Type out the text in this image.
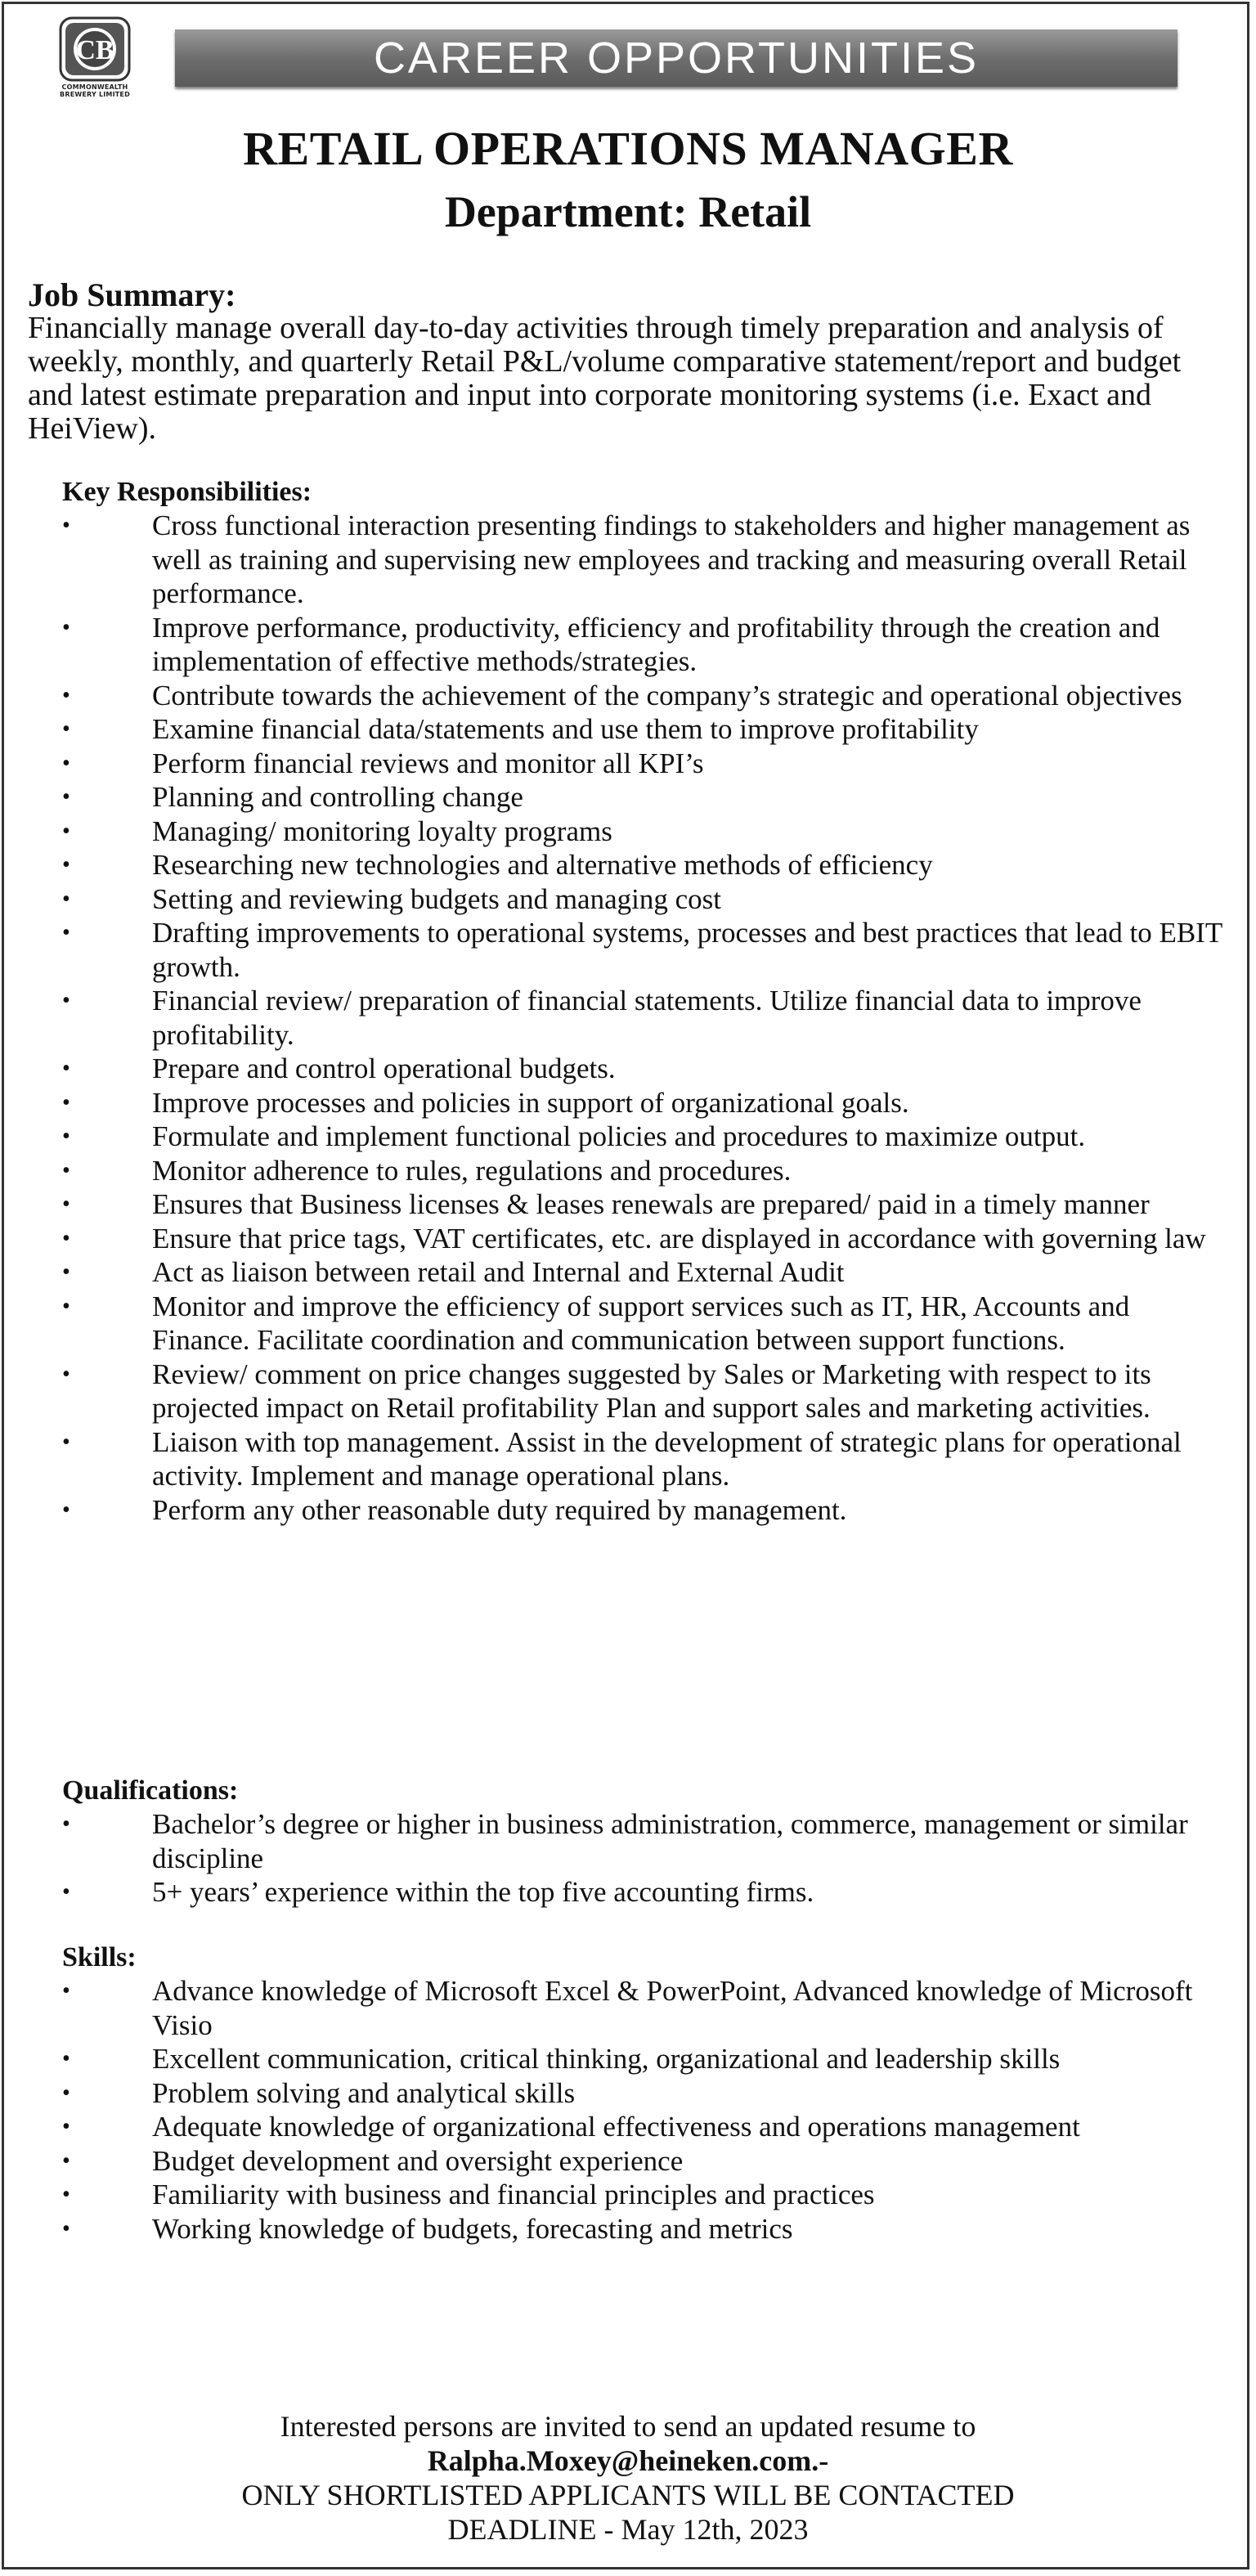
CB
COMMONWEALTH BREWERY LIMITED
CAREER OPPORTUNITIES
RETAIL OPERATIONS MANAGER
Department: Retail
Job Summary:
Financially manage overall day-to-day activities through timely preparation and analysis of weekly, monthly, and quarterly Retail P&L/volume comparative statement/report and budget and latest estimate preparation and input into corporate monitoring systems (i.e. Exact and HeiView).
Key Responsibilities:
•	Cross functional interaction presenting findings to stakeholders and higher management as well as training and supervising new employees and tracking and measuring overall Retail performance.
•	Improve performance, productivity, efficiency and profitability through the creation and implementation of effective methods/strategies.
•	Contribute towards the achievement of the company’s strategic and operational objectives
•	Examine financial data/statements and use them to improve profitability
•	Perform financial reviews and monitor all KPI’s
•	Planning and controlling change
•	Managing/ monitoring loyalty programs
•	Researching new technologies and alternative methods of efficiency
•	Setting and reviewing budgets and managing cost
•	Drafting improvements to operational systems, processes and best practices that lead to EBIT growth.
•	Financial review/ preparation of financial statements. Utilize financial data to improve profitability.
•	Prepare and control operational budgets.
•	Improve processes and policies in support of organizational goals.
•	Formulate and implement functional policies and procedures to maximize output.
•	Monitor adherence to rules, regulations and procedures.
•	Ensures that Business licenses & leases renewals are prepared/ paid in a timely manner
•	Ensure that price tags, VAT certificates, etc. are displayed in accordance with governing law
•	Act as liaison between retail and Internal and External Audit
•	Monitor and improve the efficiency of support services such as IT, HR, Accounts and Finance. Facilitate coordination and communication between support functions.
•	Review/ comment on price changes suggested by Sales or Marketing with respect to its projected impact on Retail profitability Plan and support sales and marketing activities.
•	Liaison with top management. Assist in the development of strategic plans for operational activity. Implement and manage operational plans.
•	Perform any other reasonable duty required by management.
Qualifications:
•	Bachelor’s degree or higher in business administration, commerce, management or similar discipline
•	5+ years’ experience within the top five accounting firms.
Skills:
•	Advance knowledge of Microsoft Excel & PowerPoint, Advanced knowledge of Microsoft Visio
•	Excellent communication, critical thinking, organizational and leadership skills
•	Problem solving and analytical skills
•	Adequate knowledge of organizational effectiveness and operations management
•	Budget development and oversight experience
•	Familiarity with business and financial principles and practices
•	Working knowledge of budgets, forecasting and metrics
Interested persons are invited to send an updated resume to
Ralpha.Moxey@heineken.com.-
ONLY SHORTLISTED APPLICANTS WILL BE CONTACTED
DEADLINE - May 12th, 2023
